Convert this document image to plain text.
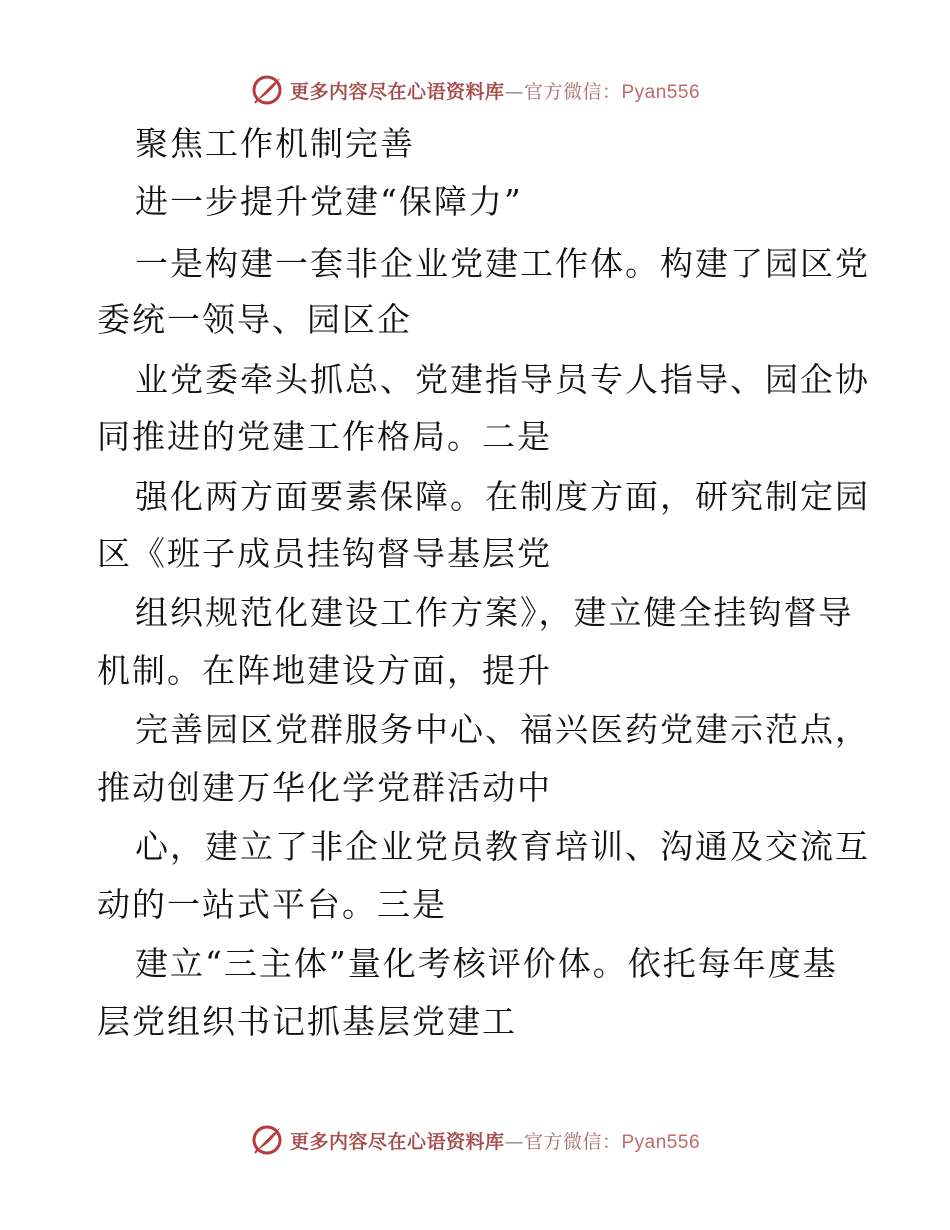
更多内容尽在心语资料库—官方微信：Pyan556
聚焦工作机制完善
进一步提升党建“保障力”
一是构建一套非企业党建工作体。构建了园区党
委统一领导、园区企
业党委牵头抓总、党建指导员专人指导、园企协
同推进的党建工作格局。二是
强化两方面要素保障。在制度方面，研究制定园
区《班子成员挂钩督导基层党
组织规范化建设工作方案》，建立健全挂钩督导
机制。在阵地建设方面，提升
完善园区党群服务中心、福兴医药党建示范点，
推动创建万华化学党群活动中
心，建立了非企业党员教育培训、沟通及交流互
动的一站式平台。三是
建立“三主体”量化考核评价体。依托每年度基
层党组织书记抓基层党建工
更多内容尽在心语资料库—官方微信：Pyan556
